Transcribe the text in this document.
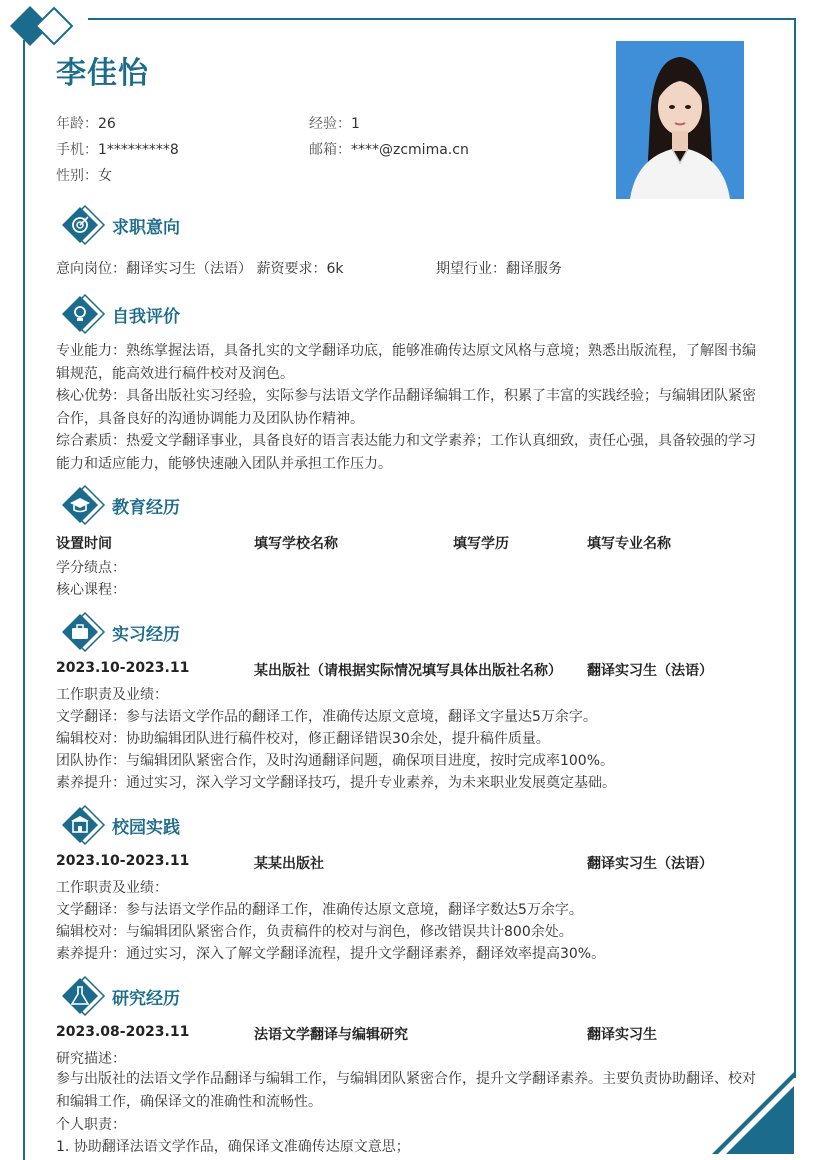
李佳怡
年龄：26	经验：1
手机：1*********8	邮箱：****@zcmima.cn
性别：女
求职意向
意向岗位：翻译实习生（法语） 薪资要求：6k	期望行业：翻译服务
自我评价

专业能力：熟练掌握法语，具备扎实的文学翻译功底，能够准确传达原文风格与意境；熟悉出版流程，了解图书编辑规范，能高效进行稿件校对及润色。

核心优势：具备出版社实习经验，实际参与法语文学作品翻译编辑工作，积累了丰富的实践经验；与编辑团队紧密合作，具备良好的沟通协调能力及团队协作精神。

综合素质：热爱文学翻译事业，具备良好的语言表达能力和文学素养；工作认真细致，责任心强，具备较强的学习能力和适应能力，能够快速融入团队并承担工作压力。

教育经历
设置时间	填写学校名称	填写学历	填写专业名称
学分绩点：
核心课程：
实习经历
2023.10-2023.11	某出版社（请根据实际情况填写具体出版社名称） 翻译实习生（法语）
工作职责及业绩：
文学翻译：参与法语文学作品的翻译工作，准确传达原文意境，翻译文字量达5万余字。
编辑校对：协助编辑团队进行稿件校对，修正翻译错误30余处，提升稿件质量。
团队协作：与编辑团队紧密合作，及时沟通翻译问题，确保项目进度，按时完成率100%。
素养提升：通过实习，深入学习文学翻译技巧，提升专业素养，为未来职业发展奠定基础。
校园实践
2023.10-2023.11	某某出版社	翻译实习生（法语）
工作职责及业绩：
文学翻译：参与法语文学作品的翻译工作，准确传达原文意境，翻译字数达5万余字。
编辑校对：与编辑团队紧密合作，负责稿件的校对与润色，修改错误共计800余处。
素养提升：通过实习，深入了解文学翻译流程，提升文学翻译素养，翻译效率提高30%。
研究经历
2023.08-2023.11	法语文学翻译与编辑研究	翻译实习生
研究描述：
参与出版社的法语文学作品翻译与编辑工作，与编辑团队紧密合作，提升文学翻译素养。主要负责协助翻译、校对和编辑工作，确保译文的准确性和流畅性。
个人职责：
1. 协助翻译法语文学作品，确保译文准确传达原文意思；
